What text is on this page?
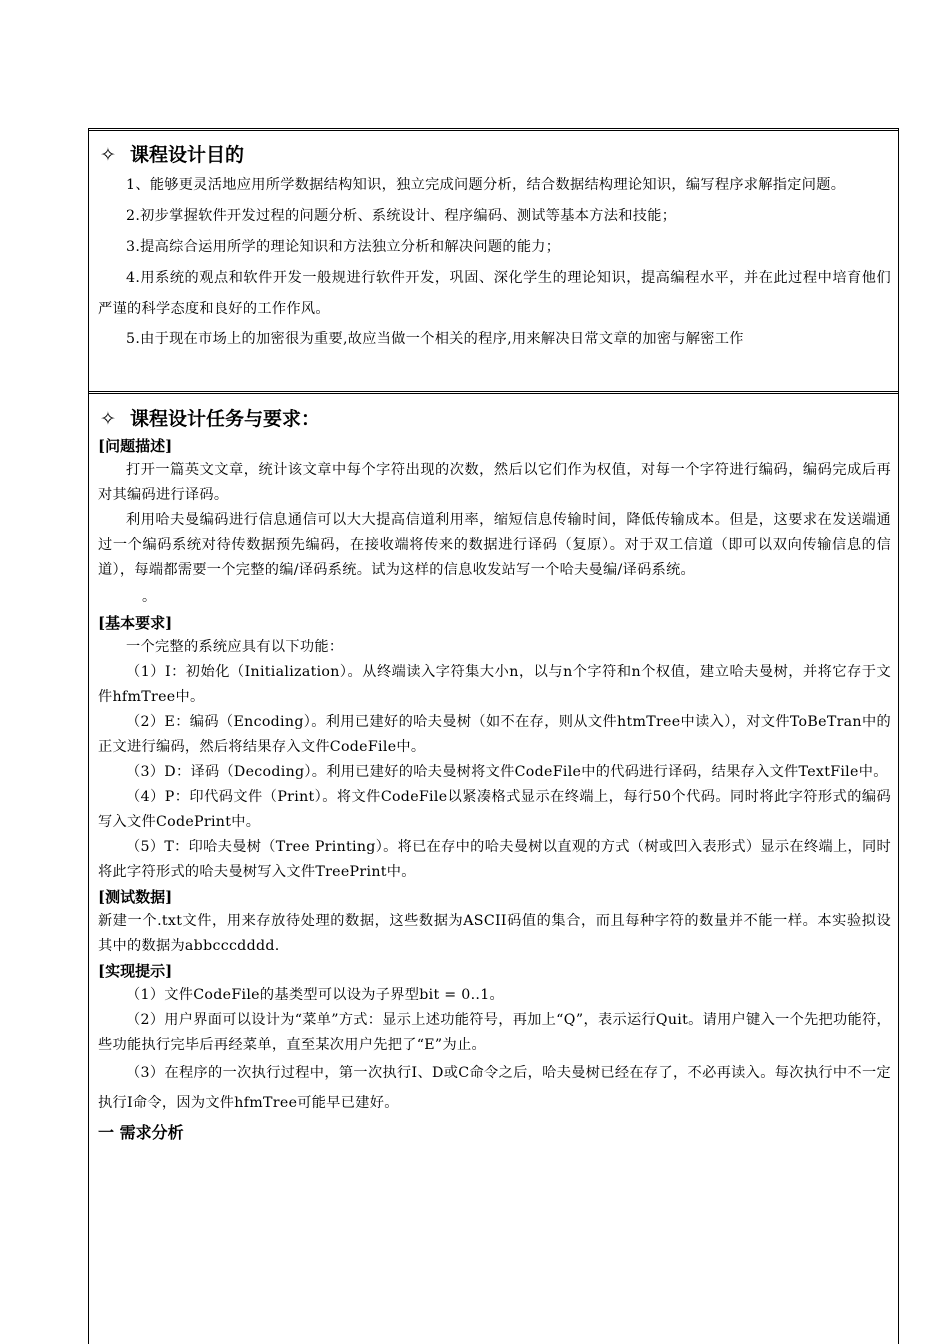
✧ 课程设计目的
1、能够更灵活地应用所学数据结构知识，独立完成问题分析，结合数据结构理论知识，编写程序求解指定问题。
2.初步掌握软件开发过程的问题分析、系统设计、程序编码、测试等基本方法和技能；
3.提高综合运用所学的理论知识和方法独立分析和解决问题的能力；
4.用系统的观点和软件开发一般规进行软件开发，巩固、深化学生的理论知识，提高编程水平，并在此过程中培育他们严谨的科学态度和良好的工作作风。
5.由于现在市场上的加密很为重要,故应当做一个相关的程序,用来解决日常文章的加密与解密工作
✧ 课程设计任务与要求：
[问题描述]
打开一篇英文文章，统计该文章中每个字符出现的次数，然后以它们作为权值，对每一个字符进行编码，编码完成后再对其编码进行译码。
利用哈夫曼编码进行信息通信可以大大提高信道利用率，缩短信息传输时间，降低传输成本。但是，这要求在发送端通过一个编码系统对待传数据预先编码，在接收端将传来的数据进行译码（复原）。对于双工信道（即可以双向传输信息的信道），每端都需要一个完整的编/译码系统。试为这样的信息收发站写一个哈夫曼编/译码系统。
。
[基本要求]
一个完整的系统应具有以下功能：
（1）I：初始化（Initialization）。从终端读入字符集大小n，以与n个字符和n个权值，建立哈夫曼树，并将它存于文件hfmTree中。
（2）E：编码（Encoding）。利用已建好的哈夫曼树（如不在存，则从文件htmTree中读入），对文件ToBeTran中的正文进行编码，然后将结果存入文件CodeFile中。
（3）D：译码（Decoding）。利用已建好的哈夫曼树将文件CodeFile中的代码进行译码，结果存入文件TextFile中。
（4）P：印代码文件（Print）。将文件CodeFile以紧凑格式显示在终端上，每行50个代码。同时将此字符形式的编码写入文件CodePrint中。
（5）T：印哈夫曼树（Tree Printing）。将已在存中的哈夫曼树以直观的方式（树或凹入表形式）显示在终端上，同时将此字符形式的哈夫曼树写入文件TreePrint中。
[测试数据]
新建一个.txt文件，用来存放待处理的数据，这些数据为ASCII码值的集合，而且每种字符的数量并不能一样。本实验拟设其中的数据为abbcccdddd.
[实现提示]
（1）文件CodeFile的基类型可以设为子界型bit = 0..1。
（2）用户界面可以设计为“菜单”方式：显示上述功能符号，再加上“Q”，表示运行Quit。请用户键入一个先把功能符，些功能执行完毕后再经菜单，直至某次用户先把了“E”为止。
（3）在程序的一次执行过程中，第一次执行I、D或C命令之后，哈夫曼树已经在存了，不必再读入。每次执行中不一定执行I命令，因为文件hfmTree可能早已建好。
一 需求分析
